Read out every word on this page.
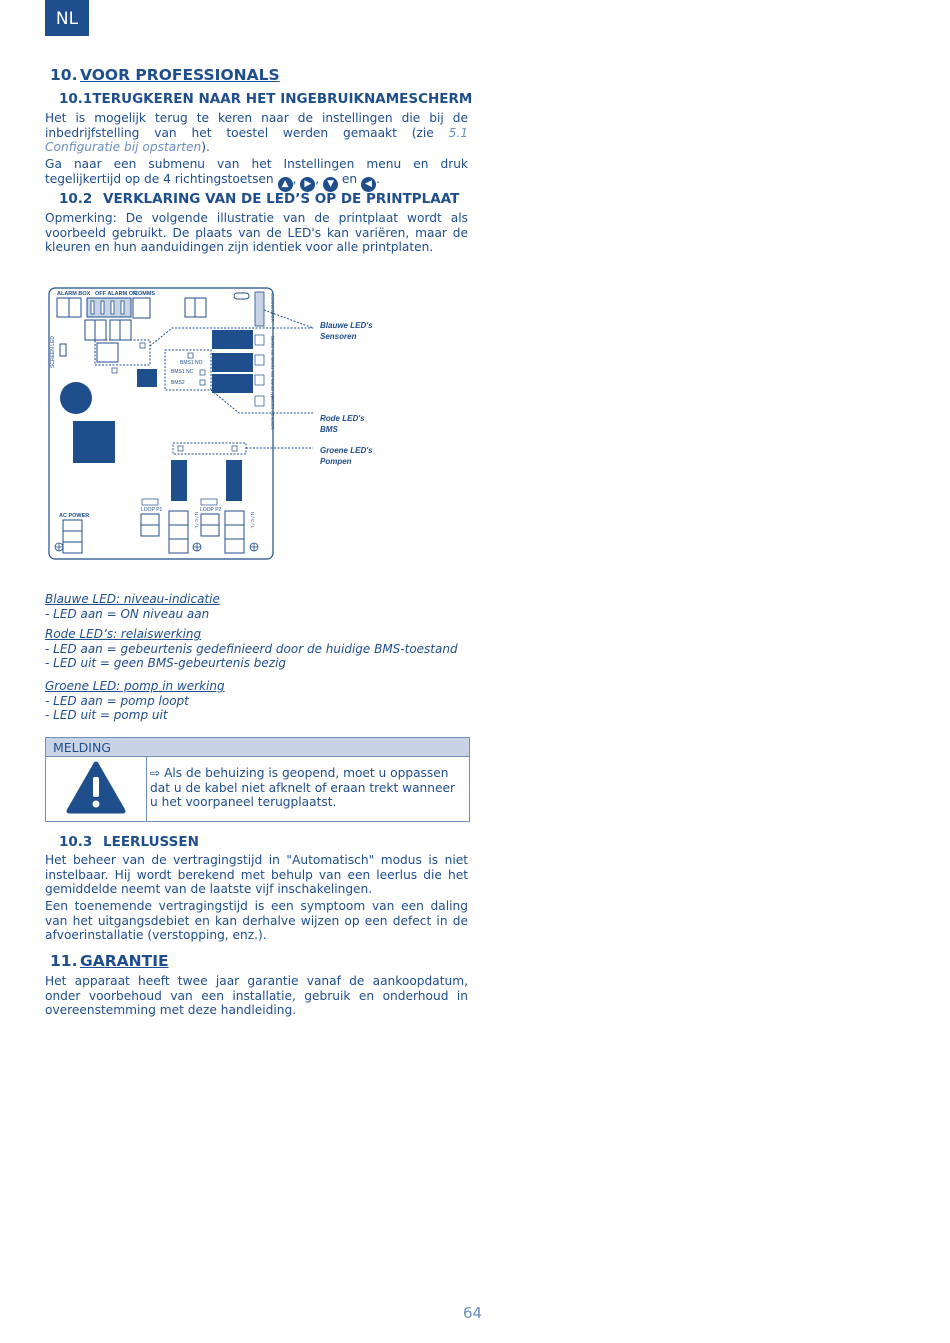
NL
10. VOOR PROFESSIONALS
10.1TERUGKEREN NAAR HET INGEBRUIKNAMESCHERM
Het is mogelijk terug te keren naar de instellingen die bij de inbedrijfstelling van het toestel werden gemaakt (zie 5.1 Configuratie bij opstarten).
Ga naar een submenu van het Instellingen menu en druk tegelijkertijd op de 4 richtingstoetsen ▲ , ▶ , ▼ en ◀ .
10.2 VERKLARING VAN DE LED’S OP DE PRINTPLAAT
Opmerking: De volgende illustratie van de printplaat wordt als voorbeeld gebruikt. De plaats van de LED's kan variëren, maar de kleuren en hun aanduidingen zijn identiek voor alle printplaten.
ALARM BOX OFF ALARM ON
COMMS
SCREEN LED
CONNECTOR
BMS1 NC BMS1 NO BMS2 NO
PIEZO SENSOR
BMS1 NO
BMS1 NC
BMS2
LOOP P1	LOOP P2
AC POWER	N / C / L	N / C / L
Blauwe LED's Sensoren
Rode LED's BMS
Groene LED's Pompen
Blauwe LED: niveau-indicatie
- LED aan = ON niveau aan
Rode LED’s: relaiswerking
- LED aan = gebeurtenis gedefinieerd door de huidige BMS-toestand
- LED uit = geen BMS-gebeurtenis bezig
Groene LED: pomp in werking
- LED aan = pomp loopt
- LED uit = pomp uit
MELDING
⇨ Als de behuizing is geopend, moet u oppassen dat u de kabel niet afknelt of eraan trekt wanneer u het voorpaneel terugplaatst.
10.3 LEERLUSSEN
Het beheer van de vertragingstijd in "Automatisch" modus is niet instelbaar. Hij wordt berekend met behulp van een leerlus die het gemiddelde neemt van de laatste vijf inschakelingen.
Een toenemende vertragingstijd is een symptoom van een daling van het uitgangsdebiet en kan derhalve wijzen op een defect in de afvoerinstallatie (verstopping, enz.).
11. GARANTIE
Het apparaat heeft twee jaar garantie vanaf de aankoopdatum, onder voorbehoud van een installatie, gebruik en onderhoud in overeenstemming met deze handleiding.
64
